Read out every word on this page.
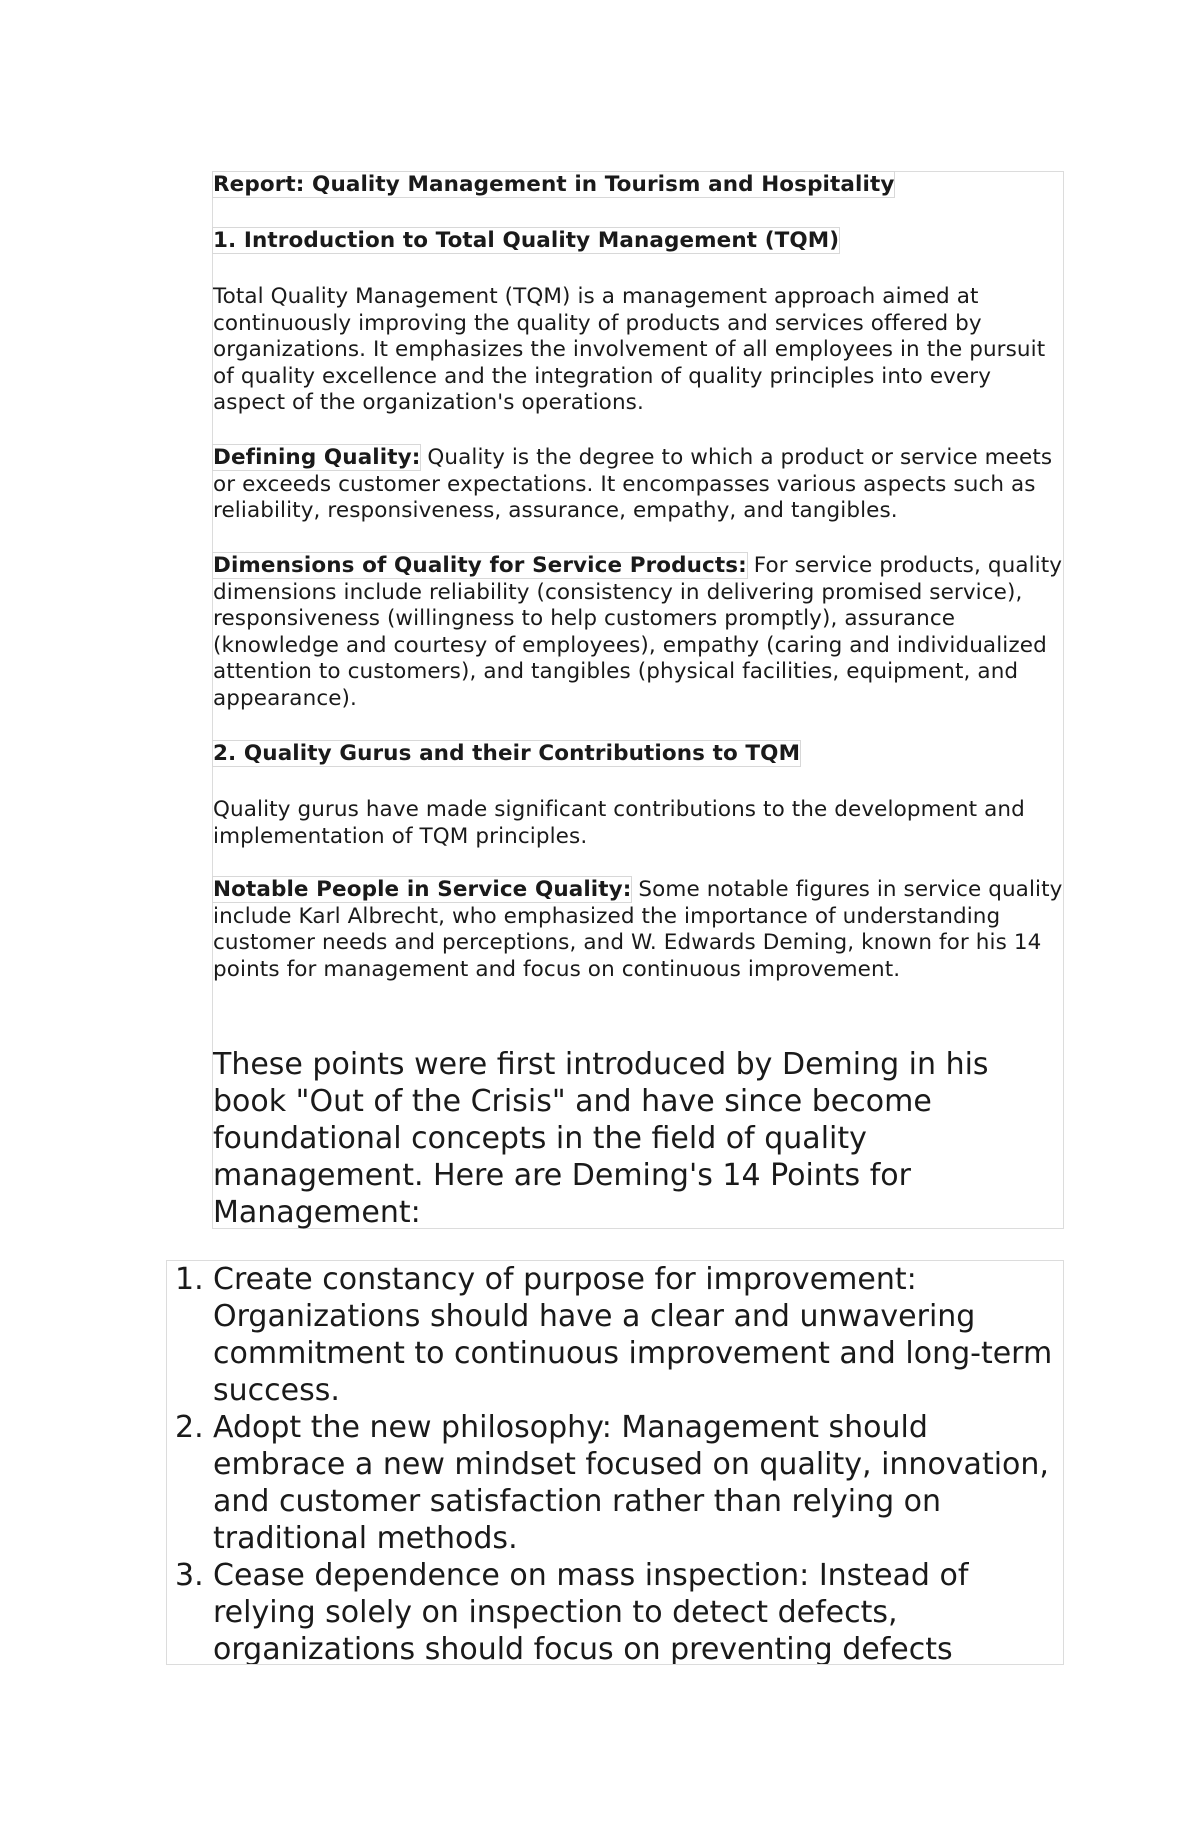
Report: Quality Management in Tourism and Hospitality

1. Introduction to Total Quality Management (TQM)

Total Quality Management (TQM) is a management approach aimed at continuously improving the quality of products and services offered by organizations. It emphasizes the involvement of all employees in the pursuit of quality excellence and the integration of quality principles into every aspect of the organization's operations.

Defining Quality: Quality is the degree to which a product or service meets or exceeds customer expectations. It encompasses various aspects such as reliability, responsiveness, assurance, empathy, and tangibles.

Dimensions of Quality for Service Products: For service products, quality dimensions include reliability (consistency in delivering promised service), responsiveness (willingness to help customers promptly), assurance (knowledge and courtesy of employees), empathy (caring and individualized attention to customers), and tangibles (physical facilities, equipment, and appearance).

2. Quality Gurus and their Contributions to TQM

Quality gurus have made significant contributions to the development and implementation of TQM principles.

Notable People in Service Quality: Some notable figures in service quality include Karl Albrecht, who emphasized the importance of understanding customer needs and perceptions, and W. Edwards Deming, known for his 14 points for management and focus on continuous improvement.

These points were first introduced by Deming in his book "Out of the Crisis" and have since become foundational concepts in the field of quality management. Here are Deming's 14 Points for Management:

1. Create constancy of purpose for improvement: Organizations should have a clear and unwavering commitment to continuous improvement and long-term success.
2. Adopt the new philosophy: Management should embrace a new mindset focused on quality, innovation, and customer satisfaction rather than relying on traditional methods.
3. Cease dependence on mass inspection: Instead of relying solely on inspection to detect defects, organizations should focus on preventing defects
